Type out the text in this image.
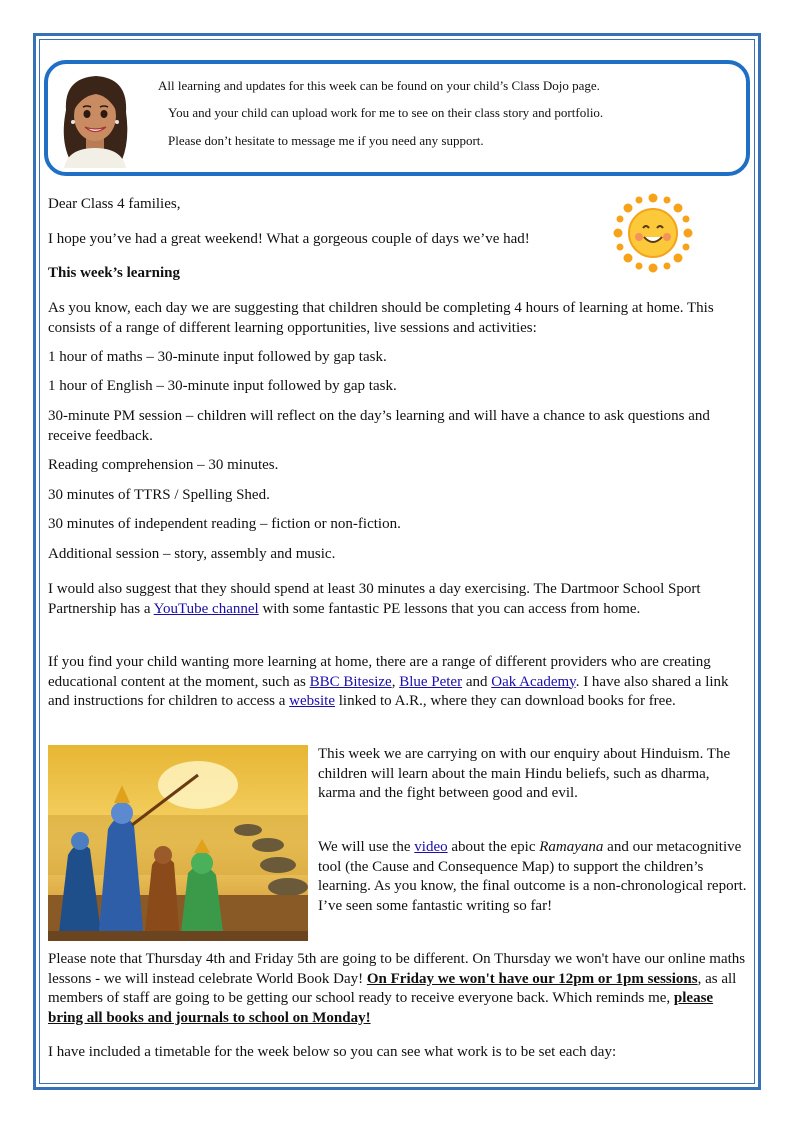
All learning and updates for this week can be found on your child’s Class Dojo page.
You and your child can upload work for me to see on their class story and portfolio.
Please don’t hesitate to message me if you need any support.

Dear Class 4 families,

I hope you’ve had a great weekend! What a gorgeous couple of days we’ve had!

This week’s learning

As you know, each day we are suggesting that children should be completing 4 hours of learning at home. This consists of a range of different learning opportunities, live sessions and activities:

1 hour of maths – 30-minute input followed by gap task.

1 hour of English – 30-minute input followed by gap task.

30-minute PM session – children will reflect on the day’s learning and will have a chance to ask questions and receive feedback.

Reading comprehension – 30 minutes.

30 minutes of TTRS / Spelling Shed.

30 minutes of independent reading – fiction or non-fiction.

Additional session – story, assembly and music.

I would also suggest that they should spend at least 30 minutes a day exercising. The Dartmoor School Sport Partnership has a YouTube channel with some fantastic PE lessons that you can access from home.

If you find your child wanting more learning at home, there are a range of different providers who are creating educational content at the moment, such as BBC Bitesize, Blue Peter and Oak Academy. I have also shared a link and instructions for children to access a website linked to A.R., where they can download books for free.

This week we are carrying on with our enquiry about Hinduism. The children will learn about the main Hindu beliefs, such as dharma, karma and the fight between good and evil.

We will use the video about the epic Ramayana and our metacognitive tool (the Cause and Consequence Map) to support the children’s learning. As you know, the final outcome is a non-chronological report. I’ve seen some fantastic writing so far!

Please note that Thursday 4th and Friday 5th are going to be different. On Thursday we won't have our online maths lessons - we will instead celebrate World Book Day! On Friday we won't have our 12pm or 1pm sessions, as all members of staff are going to be getting our school ready to receive everyone back. Which reminds me, please bring all books and journals to school on Monday!

I have included a timetable for the week below so you can see what work is to be set each day:
